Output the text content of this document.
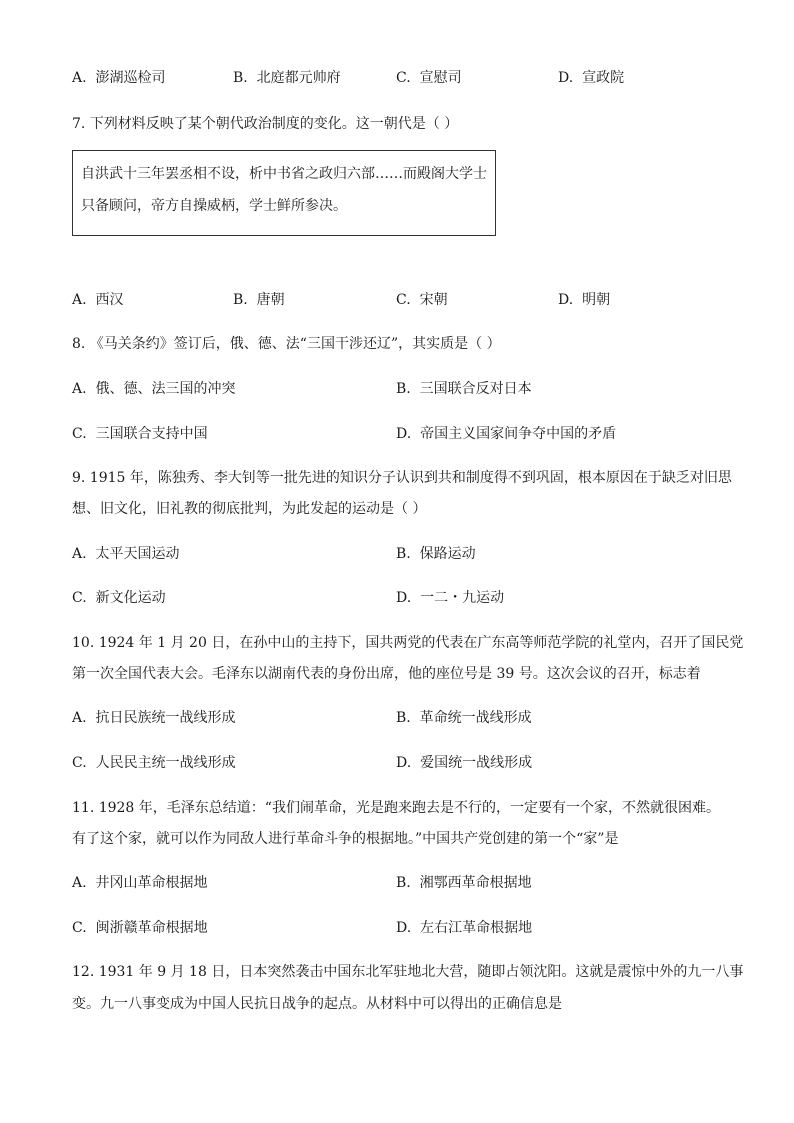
A. 澎湖巡检司	B. 北庭都元帅府	C. 宣慰司	D. 宣政院
7. 下列材料反映了某个朝代政治制度的变化。这一朝代是（ ）
自洪武十三年罢丞相不设，析中书省之政归六部……而殿阁大学士
只备顾问，帝方自操威柄，学士鲜所参决。
A. 西汉	B. 唐朝	C. 宋朝	D. 明朝
8. 《马关条约》签订后，俄、德、法“三国干涉还辽”，其实质是（ ）
A. 俄、德、法三国的冲突	B. 三国联合反对日本
C. 三国联合支持中国	D. 帝国主义国家间争夺中国的矛盾
9. 1915 年，陈独秀、李大钊等一批先进的知识分子认识到共和制度得不到巩固，根本原因在于缺乏对旧思
想、旧文化，旧礼教的彻底批判，为此发起的运动是（ ）
A. 太平天国运动	B. 保路运动
C. 新文化运动	D. 一二・九运动
10. 1924 年 1 月 20 日，在孙中山的主持下，国共两党的代表在广东高等师范学院的礼堂内，召开了国民党
第一次全国代表大会。毛泽东以湖南代表的身份出席，他的座位号是 39 号。这次会议的召开，标志着
A. 抗日民族统一战线形成	B. 革命统一战线形成
C. 人民民主统一战线形成	D. 爱国统一战线形成
11. 1928 年，毛泽东总结道：“我们闹革命，光是跑来跑去是不行的，一定要有一个家，不然就很困难。
有了这个家，就可以作为同敌人进行革命斗争的根据地。”中国共产党创建的第一个“家”是
A. 井冈山革命根据地	B. 湘鄂西革命根据地
C. 闽浙赣革命根据地	D. 左右江革命根据地
12. 1931 年 9 月 18 日，日本突然袭击中国东北军驻地北大营，随即占领沈阳。这就是震惊中外的九一八事
变。九一八事变成为中国人民抗日战争的起点。从材料中可以得出的正确信息是
